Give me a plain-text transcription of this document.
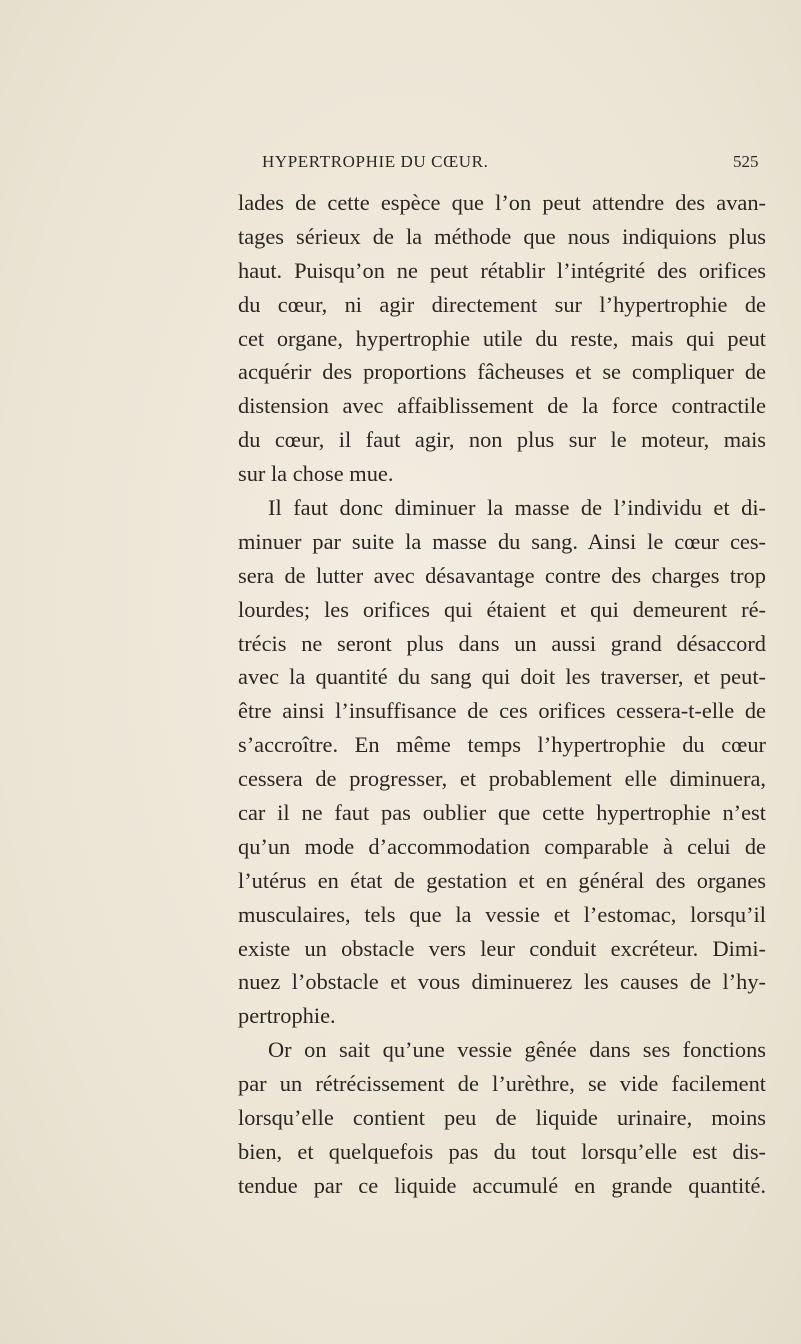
HYPERTROPHIE DU CŒUR.	525
lades de cette espèce que l’on peut attendre des avan-
tages sérieux de la méthode que nous indiquions plus
haut. Puisqu’on ne peut rétablir l’intégrité des orifices
du cœur, ni agir directement sur l’hypertrophie de
cet organe, hypertrophie utile du reste, mais qui peut
acquérir des proportions fâcheuses et se compliquer de
distension avec affaiblissement de la force contractile
du cœur, il faut agir, non plus sur le moteur, mais
sur la chose mue.
Il faut donc diminuer la masse de l’individu et di-
minuer par suite la masse du sang. Ainsi le cœur ces-
sera de lutter avec désavantage contre des charges trop
lourdes; les orifices qui étaient et qui demeurent ré-
trécis ne seront plus dans un aussi grand désaccord
avec la quantité du sang qui doit les traverser, et peut-
être ainsi l’insuffisance de ces orifices cessera-t-elle de
s’accroître. En même temps l’hypertrophie du cœur
cessera de progresser, et probablement elle diminuera,
car il ne faut pas oublier que cette hypertrophie n’est
qu’un mode d’accommodation comparable à celui de
l’utérus en état de gestation et en général des organes
musculaires, tels que la vessie et l’estomac, lorsqu’il
existe un obstacle vers leur conduit excréteur. Dimi-
nuez l’obstacle et vous diminuerez les causes de l’hy-
pertrophie.
Or on sait qu’une vessie gênée dans ses fonctions
par un rétrécissement de l’urèthre, se vide facilement
lorsqu’elle contient peu de liquide urinaire, moins
bien, et quelquefois pas du tout lorsqu’elle est dis-
tendue par ce liquide accumulé en grande quantité.
